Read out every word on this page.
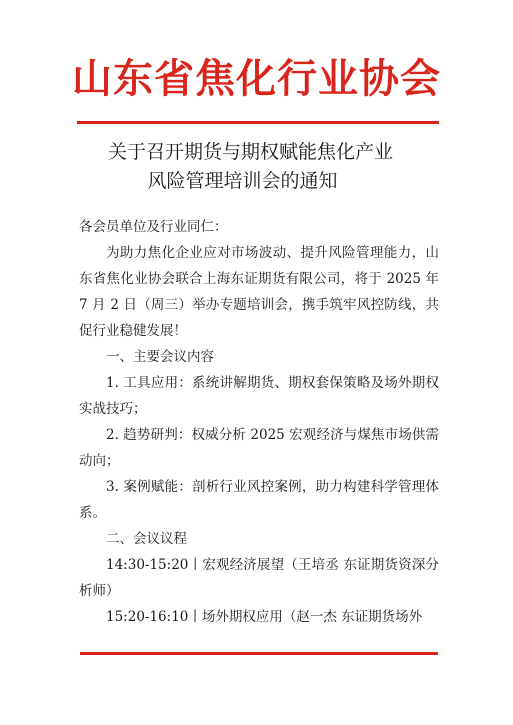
山东省焦化行业协会
关于召开期货与期权赋能焦化产业
风险管理培训会的通知

各会员单位及行业同仁：

为助力焦化企业应对市场波动、提升风险管理能力，山东省焦化业协会联合上海东证期货有限公司，将于 2025 年 7 月 2 日（周三）举办专题培训会，携手筑牢风控防线，共促行业稳健发展！

一、主要会议内容

1. 工具应用：系统讲解期货、期权套保策略及场外期权实战技巧；

2. 趋势研判：权威分析 2025 宏观经济与煤焦市场供需动向；

3. 案例赋能：剖析行业风控案例，助力构建科学管理体系。

二、会议议程

14:30-15:20丨宏观经济展望（王培丞 东证期货资深分析师）

15:20-16:10丨场外期权应用（赵一杰 东证期货场外
